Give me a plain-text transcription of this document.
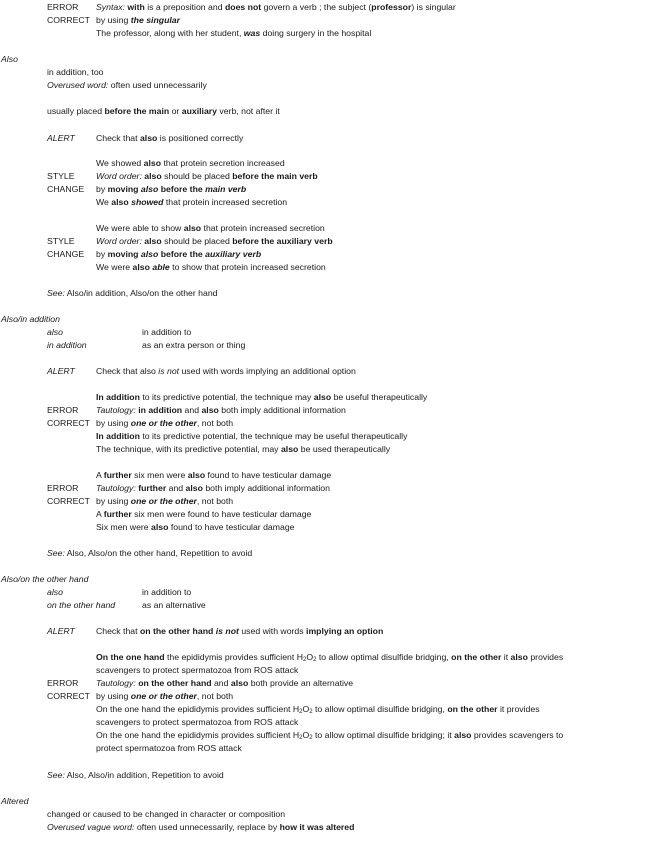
ERROR Syntax: with is a preposition and does not govern a verb ; the subject (professor) is singular
CORRECT by using the singular
The professor, along with her student, was doing surgery in the hospital
Also
in addition, too
Overused word: often used unnecessarily
usually placed before the main or auxiliary verb, not after it
ALERT Check that also is positioned correctly
We showed also that protein secretion increased
STYLE Word order: also should be placed before the main verb
CHANGE by moving also before the main verb
We also showed that protein increased secretion
We were able to show also that protein increased secretion
STYLE Word order: also should be placed before the auxiliary verb
CHANGE by moving also before the auxiliary verb
We were also able to show that protein increased secretion
See: Also/in addition, Also/on the other hand
Also/in addition
also	in addition to
in addition	as an extra person or thing
ALERT Check that also is not used with words implying an additional option
In addition to its predictive potential, the technique may also be useful therapeutically
ERROR Tautology: in addition and also both imply additional information
CORRECT by using one or the other, not both
In addition to its predictive potential, the technique may be useful therapeutically
The technique, with its predictive potential, may also be used therapeutically
A further six men were also found to have testicular damage
ERROR Tautology: further and also both imply additional information
CORRECT by using one or the other, not both
A further six men were found to have testicular damage
Six men were also found to have testicular damage
See: Also, Also/on the other hand, Repetition to avoid
Also/on the other hand
also	in addition to
on the other hand	as an alternative
ALERT Check that on the other hand is not used with words implying an option
On the one hand the epididymis provides sufficient $H_2O_2$ to allow optimal disulfide bridging, on the other it also provides
scavengers to protect spermatozoa from ROS attack
ERROR Tautology: on the other hand and also both provide an alternative
CORRECT by using one or the other, not both
On the one hand the epididymis provides sufficient $H_2O_2$ to allow optimal disulfide bridging, on the other it provides
scavengers to protect spermatozoa from ROS attack
On the one hand the epididymis provides sufficient $H_2O_2$ to allow optimal disulfide bridging; it also provides scavengers to
protect spermatozoa from ROS attack
See: Also, Also/in addition, Repetition to avoid
Altered
changed or caused to be changed in character or composition
Overused vague word: often used unnecessarily, replace by how it was altered
